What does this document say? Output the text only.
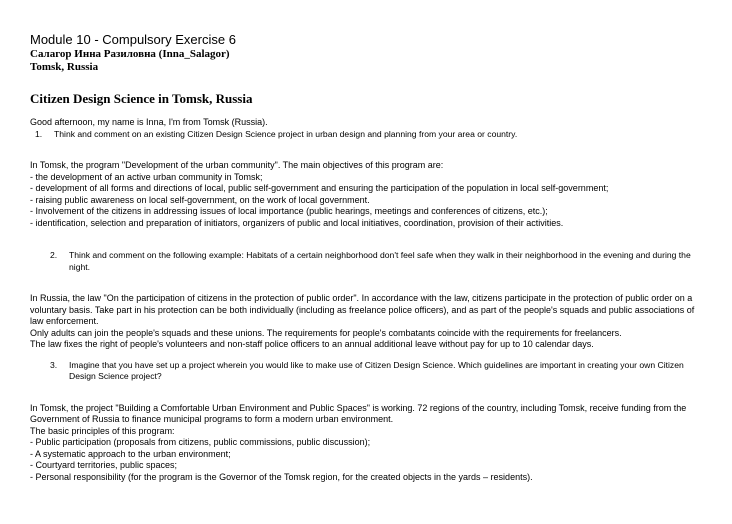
Module 10 - Compulsory Exercise 6

Салагор Инна Разиловна (Inna_Salagor)

Tomsk, Russia

Citizen Design Science in Tomsk, Russia

Good afternoon, my name is Inna, I'm from Tomsk (Russia).

1. Think and comment on an existing Citizen Design Science project in urban design and planning from your area or country.

In Tomsk, the program "Development of the urban community". The main objectives of this program are:

- the development of an active urban community in Tomsk;
- development of all forms and directions of local, public self-government and ensuring the participation of the population in local self-government;
- raising public awareness on local self-government, on the work of local government.
- Involvement of the citizens in addressing issues of local importance (public hearings, meetings and conferences of citizens, etc.);
- identification, selection and preparation of initiators, organizers of public and local initiatives, coordination, provision of their activities.

2. Think and comment on the following example: Habitats of a certain neighborhood don't feel safe when they walk in their neighborhood in the evening and during the night.

In Russia, the law "On the participation of citizens in the protection of public order". In accordance with the law, citizens participate in the protection of public order on a voluntary basis. Take part in his protection can be both individually (including as freelance police officers), and as part of the people's squads and public associations of law enforcement.

Only adults can join the people's squads and these unions. The requirements for people's combatants coincide with the requirements for freelancers.

The law fixes the right of people's volunteers and non-staff police officers to an annual additional leave without pay for up to 10 calendar days.

3. Imagine that you have set up a project wherein you would like to make use of Citizen Design Science. Which guidelines are important in creating your own Citizen Design Science project?

In Tomsk, the project "Building a Comfortable Urban Environment and Public Spaces" is working. 72 regions of the country, including Tomsk, receive funding from the Government of Russia to finance municipal programs to form a modern urban environment.

The basic principles of this program:

- Public participation (proposals from citizens, public commissions, public discussion);
- A systematic approach to the urban environment;
- Courtyard territories, public spaces;
- Personal responsibility (for the program is the Governor of the Tomsk region, for the created objects in the yards – residents).
